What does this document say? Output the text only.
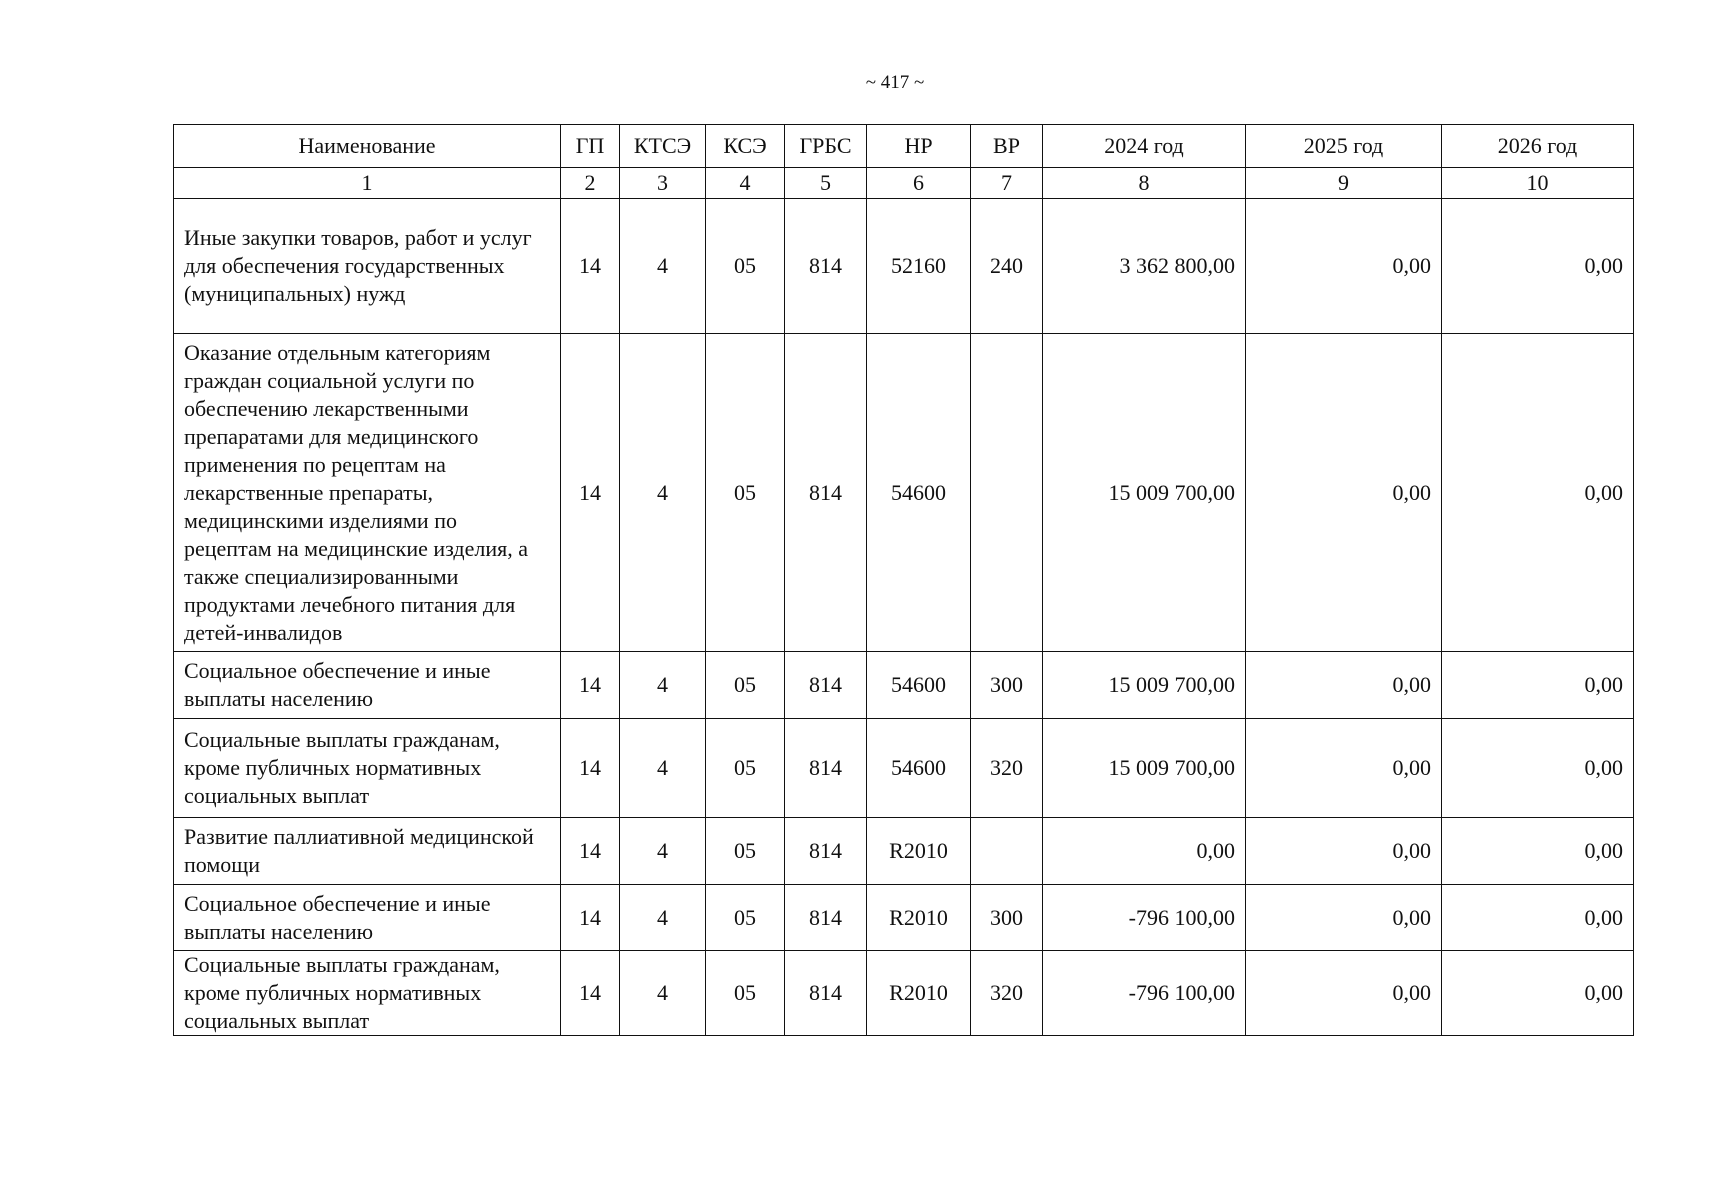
~ 417 ~
Наименование	ГП	КТСЭ	КСЭ	ГРБС	НР	ВР	2024 год	2025 год	2026 год
1	2	3	4	5	6	7	8	9	10
Иные закупки товаров, работ и услуг для обеспечения государственных (муниципальных) нужд	14	4	05	814	52160	240	3 362 800,00	0,00	0,00
Оказание отдельным категориям граждан социальной услуги по обеспечению лекарственными препаратами для медицинского применения по рецептам на лекарственные препараты, медицинскими изделиями по рецептам на медицинские изделия, а также специализированными продуктами лечебного питания для детей-инвалидов	14	4	05	814	54600		15 009 700,00	0,00	0,00
Социальное обеспечение и иные выплаты населению	14	4	05	814	54600	300	15 009 700,00	0,00	0,00
Социальные выплаты гражданам, кроме публичных нормативных социальных выплат	14	4	05	814	54600	320	15 009 700,00	0,00	0,00
Развитие паллиативной медицинской помощи	14	4	05	814	R2010		0,00	0,00	0,00
Социальное обеспечение и иные выплаты населению	14	4	05	814	R2010	300	-796 100,00	0,00	0,00
Социальные выплаты гражданам, кроме публичных нормативных социальных выплат	14	4	05	814	R2010	320	-796 100,00	0,00	0,00
